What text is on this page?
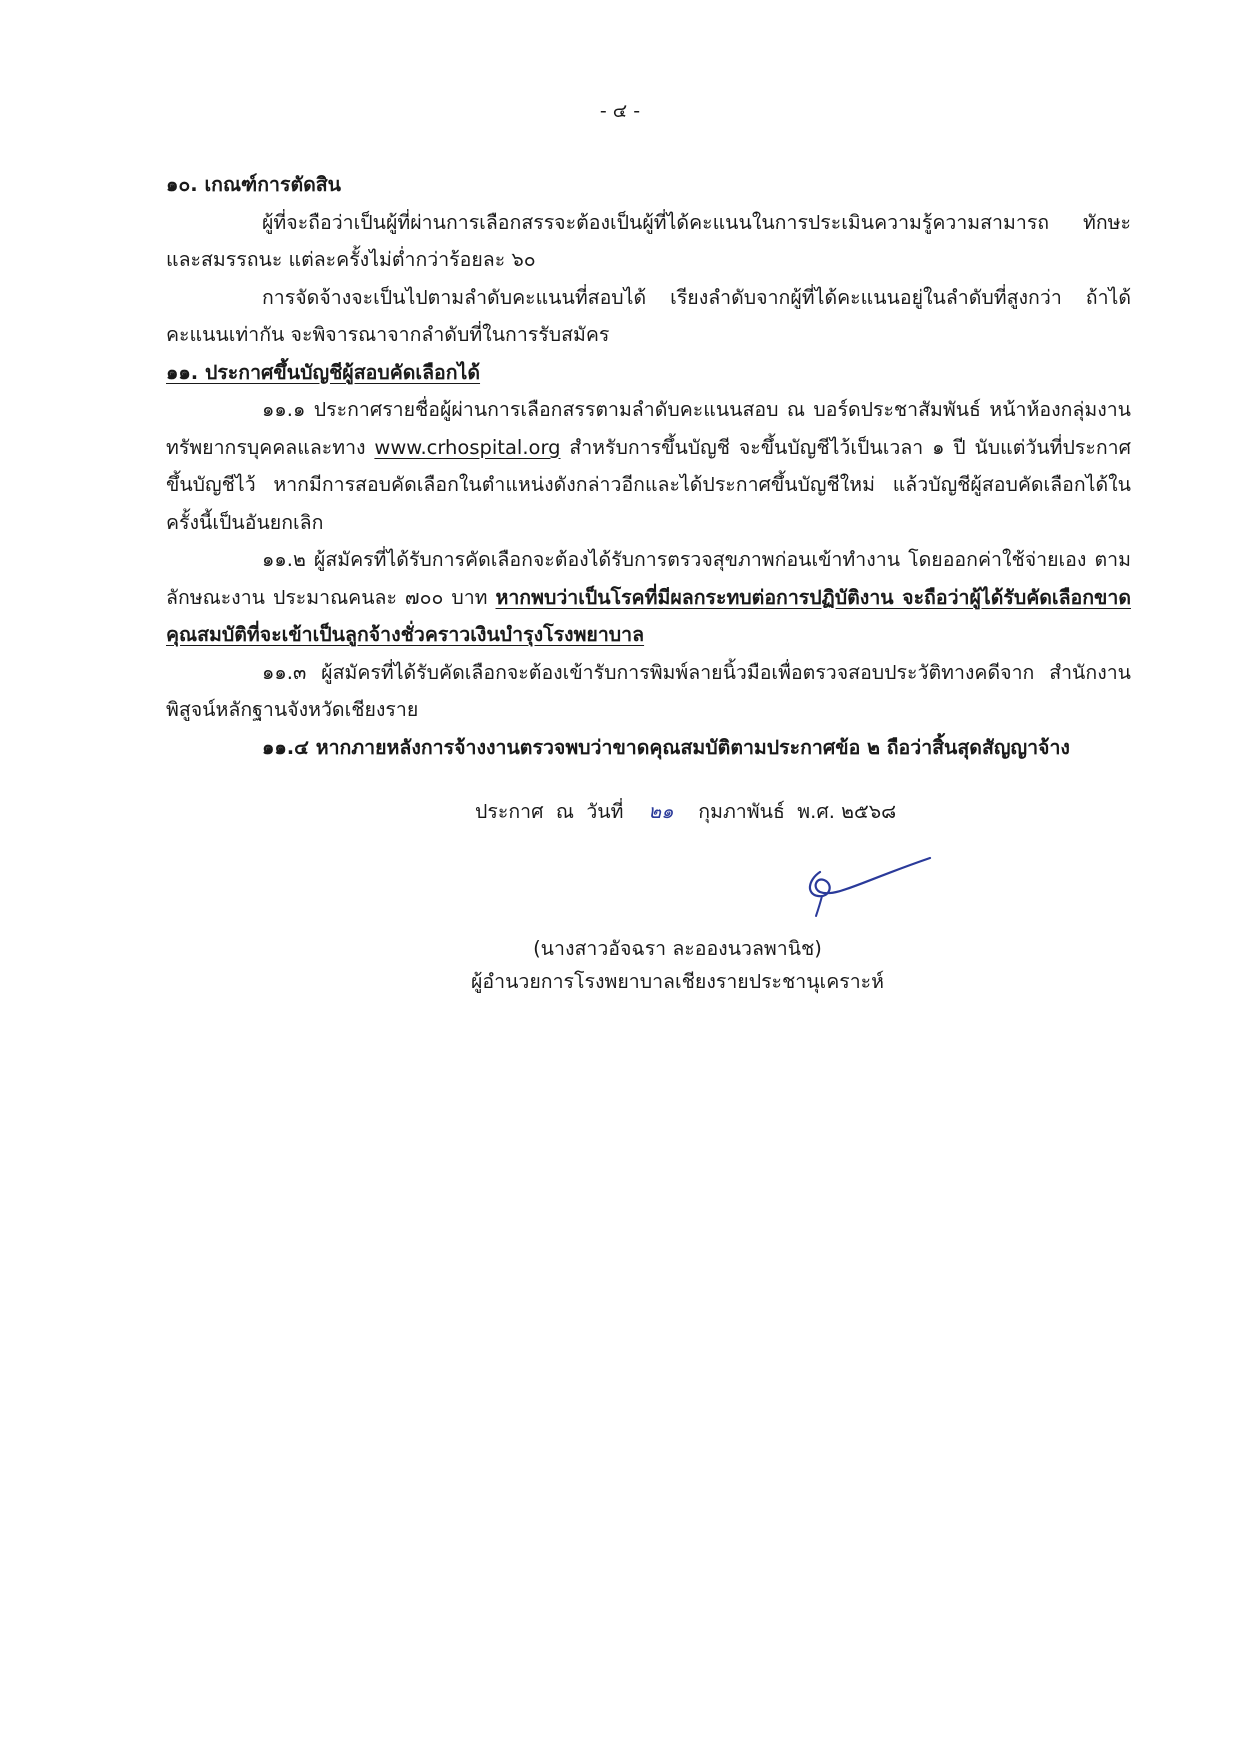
- ๔ -

๑๐. เกณฑ์การตัดสิน

ผู้ที่จะถือว่าเป็นผู้ที่ผ่านการเลือกสรรจะต้องเป็นผู้ที่ได้คะแนนในการประเมินความรู้ความสามารถ ทักษะ และสมรรถนะ แต่ละครั้งไม่ต่ำกว่าร้อยละ ๖๐

การจัดจ้างจะเป็นไปตามลำดับคะแนนที่สอบได้ เรียงลำดับจากผู้ที่ได้คะแนนอยู่ในลำดับที่สูงกว่า ถ้าได้คะแนนเท่ากัน จะพิจารณาจากลำดับที่ในการรับสมัคร

๑๑. ประกาศขึ้นบัญชีผู้สอบคัดเลือกได้

๑๑.๑ ประกาศรายชื่อผู้ผ่านการเลือกสรรตามลำดับคะแนนสอบ ณ บอร์ดประชาสัมพันธ์ หน้าห้องกลุ่มงานทรัพยากรบุคคลและทาง www.crhospital.org สำหรับการขึ้นบัญชี จะขึ้นบัญชีไว้เป็นเวลา ๑ ปี นับแต่วันที่ประกาศขึ้นบัญชีไว้ หากมีการสอบคัดเลือกในตำแหน่งดังกล่าวอีกและได้ประกาศขึ้นบัญชีใหม่ แล้วบัญชีผู้สอบคัดเลือกได้ในครั้งนี้เป็นอันยกเลิก

๑๑.๒ ผู้สมัครที่ได้รับการคัดเลือกจะต้องได้รับการตรวจสุขภาพก่อนเข้าทำงาน โดยออกค่าใช้จ่ายเอง ตามลักษณะงาน ประมาณคนละ ๗๐๐ บาท หากพบว่าเป็นโรคที่มีผลกระทบต่อการปฏิบัติงาน จะถือว่าผู้ได้รับคัดเลือกขาดคุณสมบัติที่จะเข้าเป็นลูกจ้างชั่วคราวเงินบำรุงโรงพยาบาล

๑๑.๓ ผู้สมัครที่ได้รับคัดเลือกจะต้องเข้ารับการพิมพ์ลายนิ้วมือเพื่อตรวจสอบประวัติทางคดีจาก สำนักงานพิสูจน์หลักฐานจังหวัดเชียงราย

๑๑.๔ หากภายหลังการจ้างงานตรวจพบว่าขาดคุณสมบัติตามประกาศข้อ ๒ ถือว่าสิ้นสุดสัญญาจ้าง

ประกาศ  ณ  วันที่ ๒๑ กุมภาพันธ์ พ.ศ. ๒๕๖๘
(นางสาวอัจฉรา ละอองนวลพานิช)
ผู้อำนวยการโรงพยาบาลเชียงรายประชานุเคราะห์
